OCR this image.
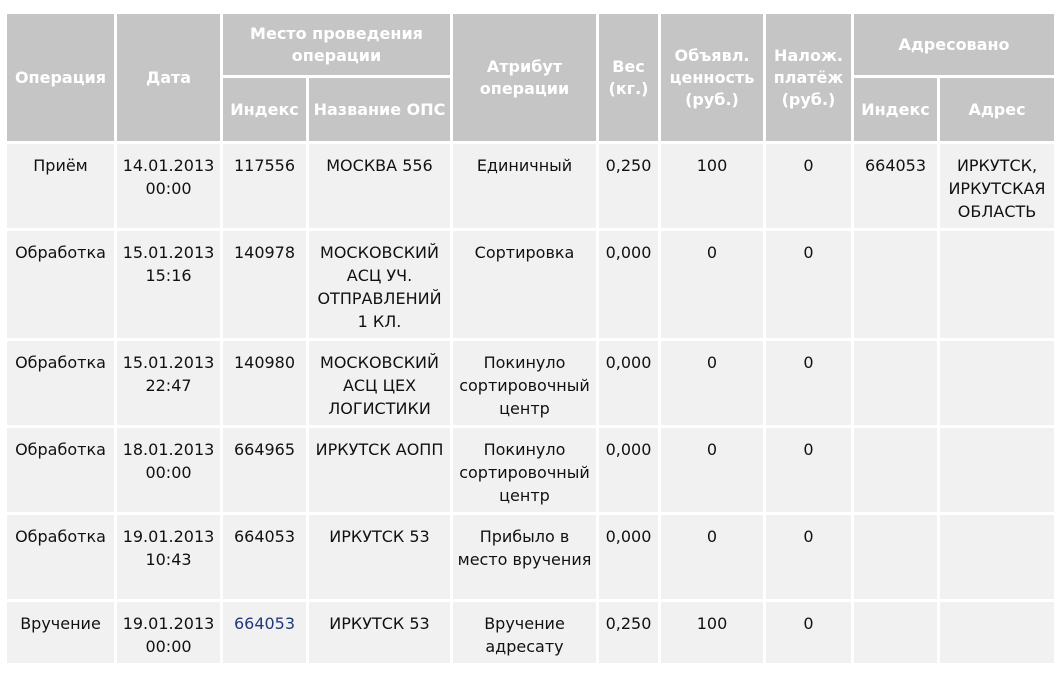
Операция	Дата	Место проведения операции		Атрибут операции	Вес (кг.)	Объявл. ценность (руб.)	Налож. платёж (руб.)	Адресовано	
		Индекс	Название ОПС					Индекс	Адрес
Приём	14.01.2013 00:00	117556	МОСКВА 556	Единичный	0,250	100	0	664053	ИРКУТСК, ИРКУТСКАЯ ОБЛАСТЬ
Обработка	15.01.2013 15:16	140978	МОСКОВСКИЙ АСЦ УЧ. ОТПРАВЛЕНИЙ 1 КЛ.	Сортировка	0,000	0	0		
Обработка	15.01.2013 22:47	140980	МОСКОВСКИЙ АСЦ ЦЕХ ЛОГИСТИКИ	Покинуло сортировочный центр	0,000	0	0		
Обработка	18.01.2013 00:00	664965	ИРКУТСК АОПП	Покинуло сортировочный центр	0,000	0	0		
Обработка	19.01.2013 10:43	664053	ИРКУТСК 53	Прибыло в место вручения	0,000	0	0		
Вручение	19.01.2013 00:00	664053	ИРКУТСК 53	Вручение адресату	0,250	100	0		
